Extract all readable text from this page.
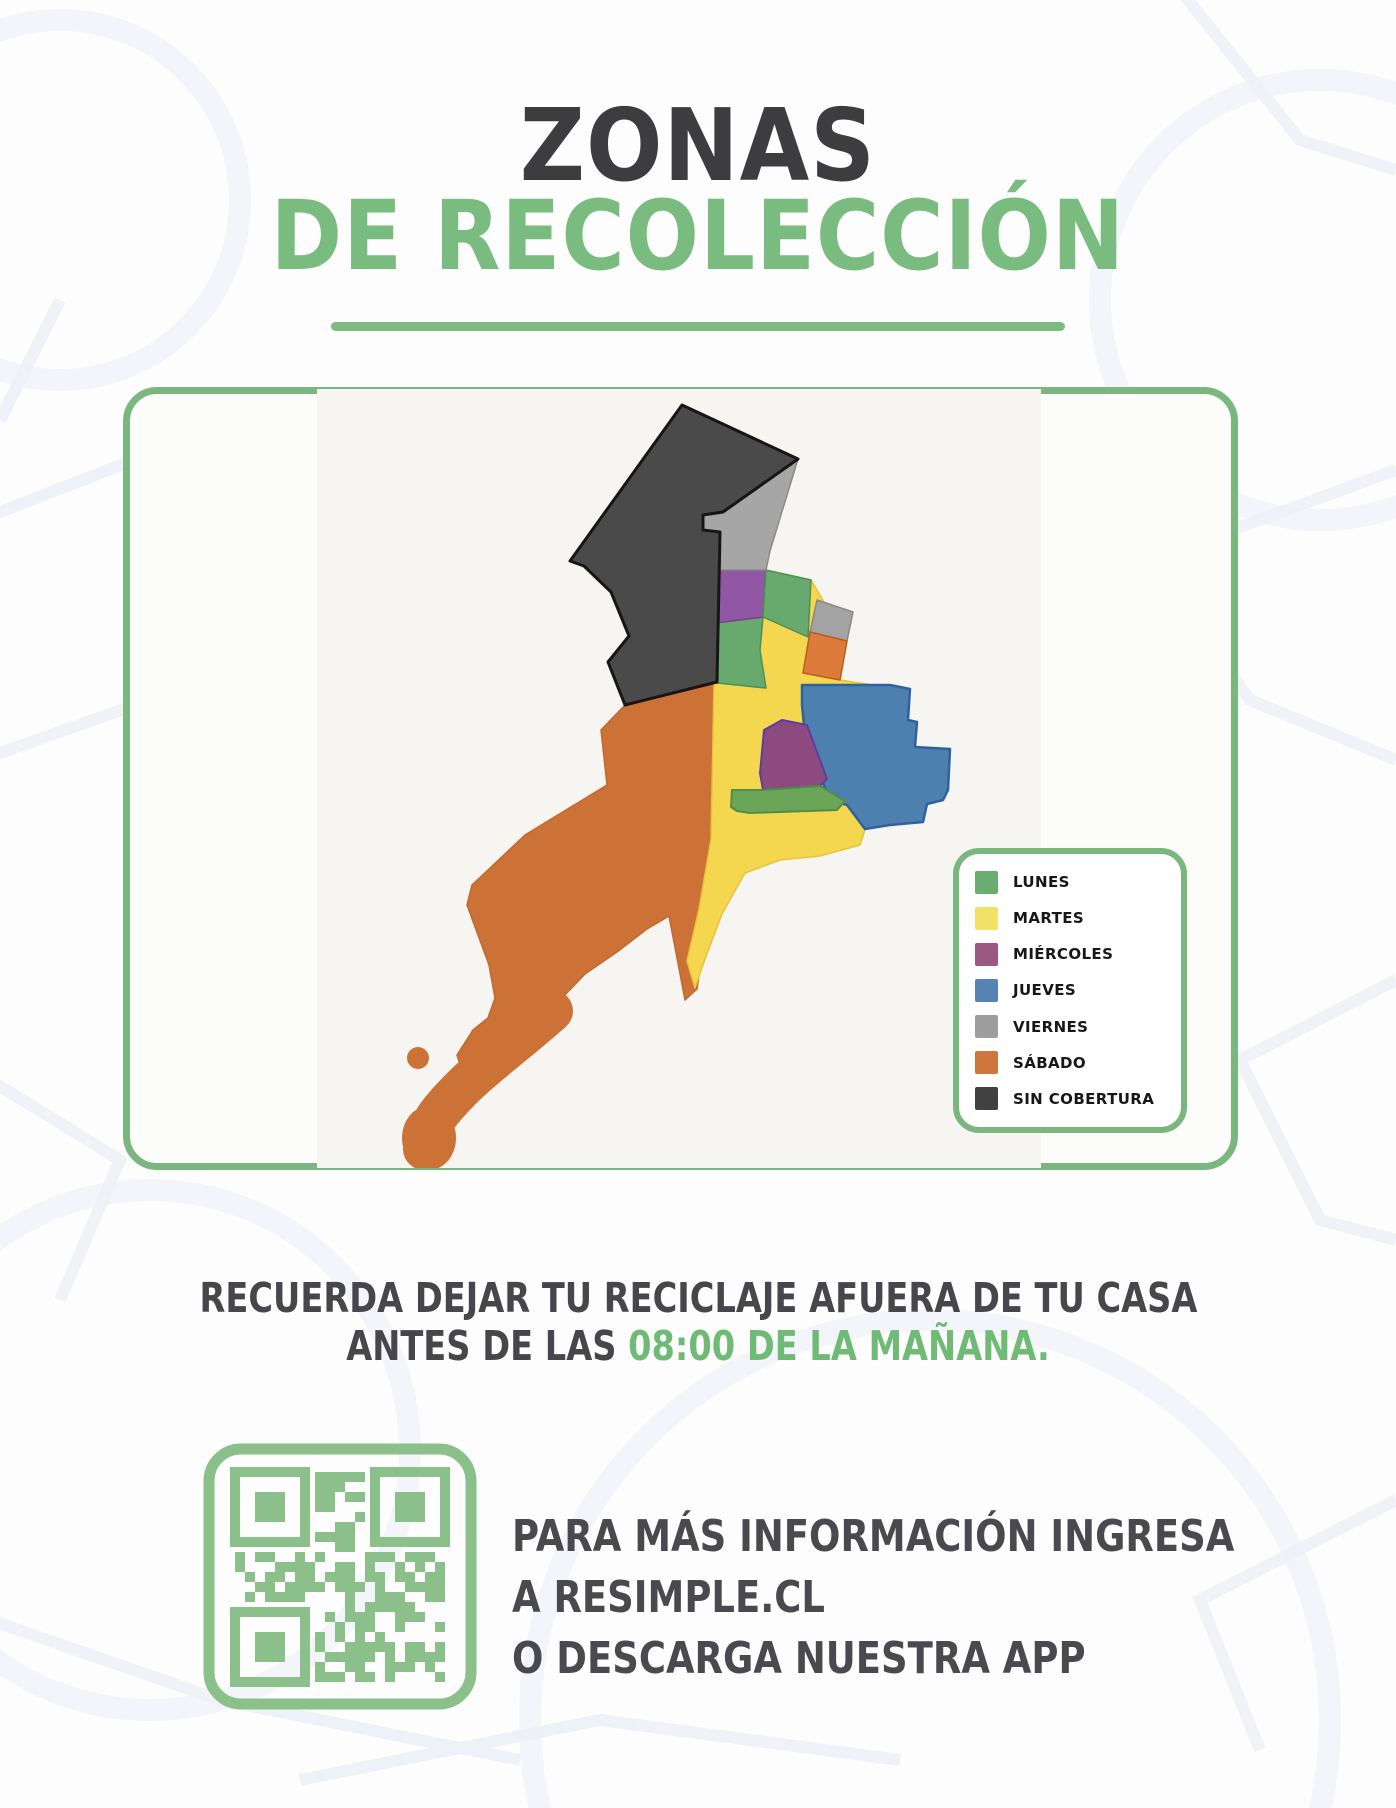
ZONAS
DE RECOLECCIÓN
LUNES
MARTES
MIÉRCOLES
JUEVES
VIERNES
SÁBADO
SIN COBERTURA
RECUERDA DEJAR TU RECICLAJE AFUERA DE TU CASA
ANTES DE LAS 08:00 DE LA MAÑANA.
PARA MÁS INFORMACIÓN INGRESA
A RESIMPLE.CL
O DESCARGA NUESTRA APP
